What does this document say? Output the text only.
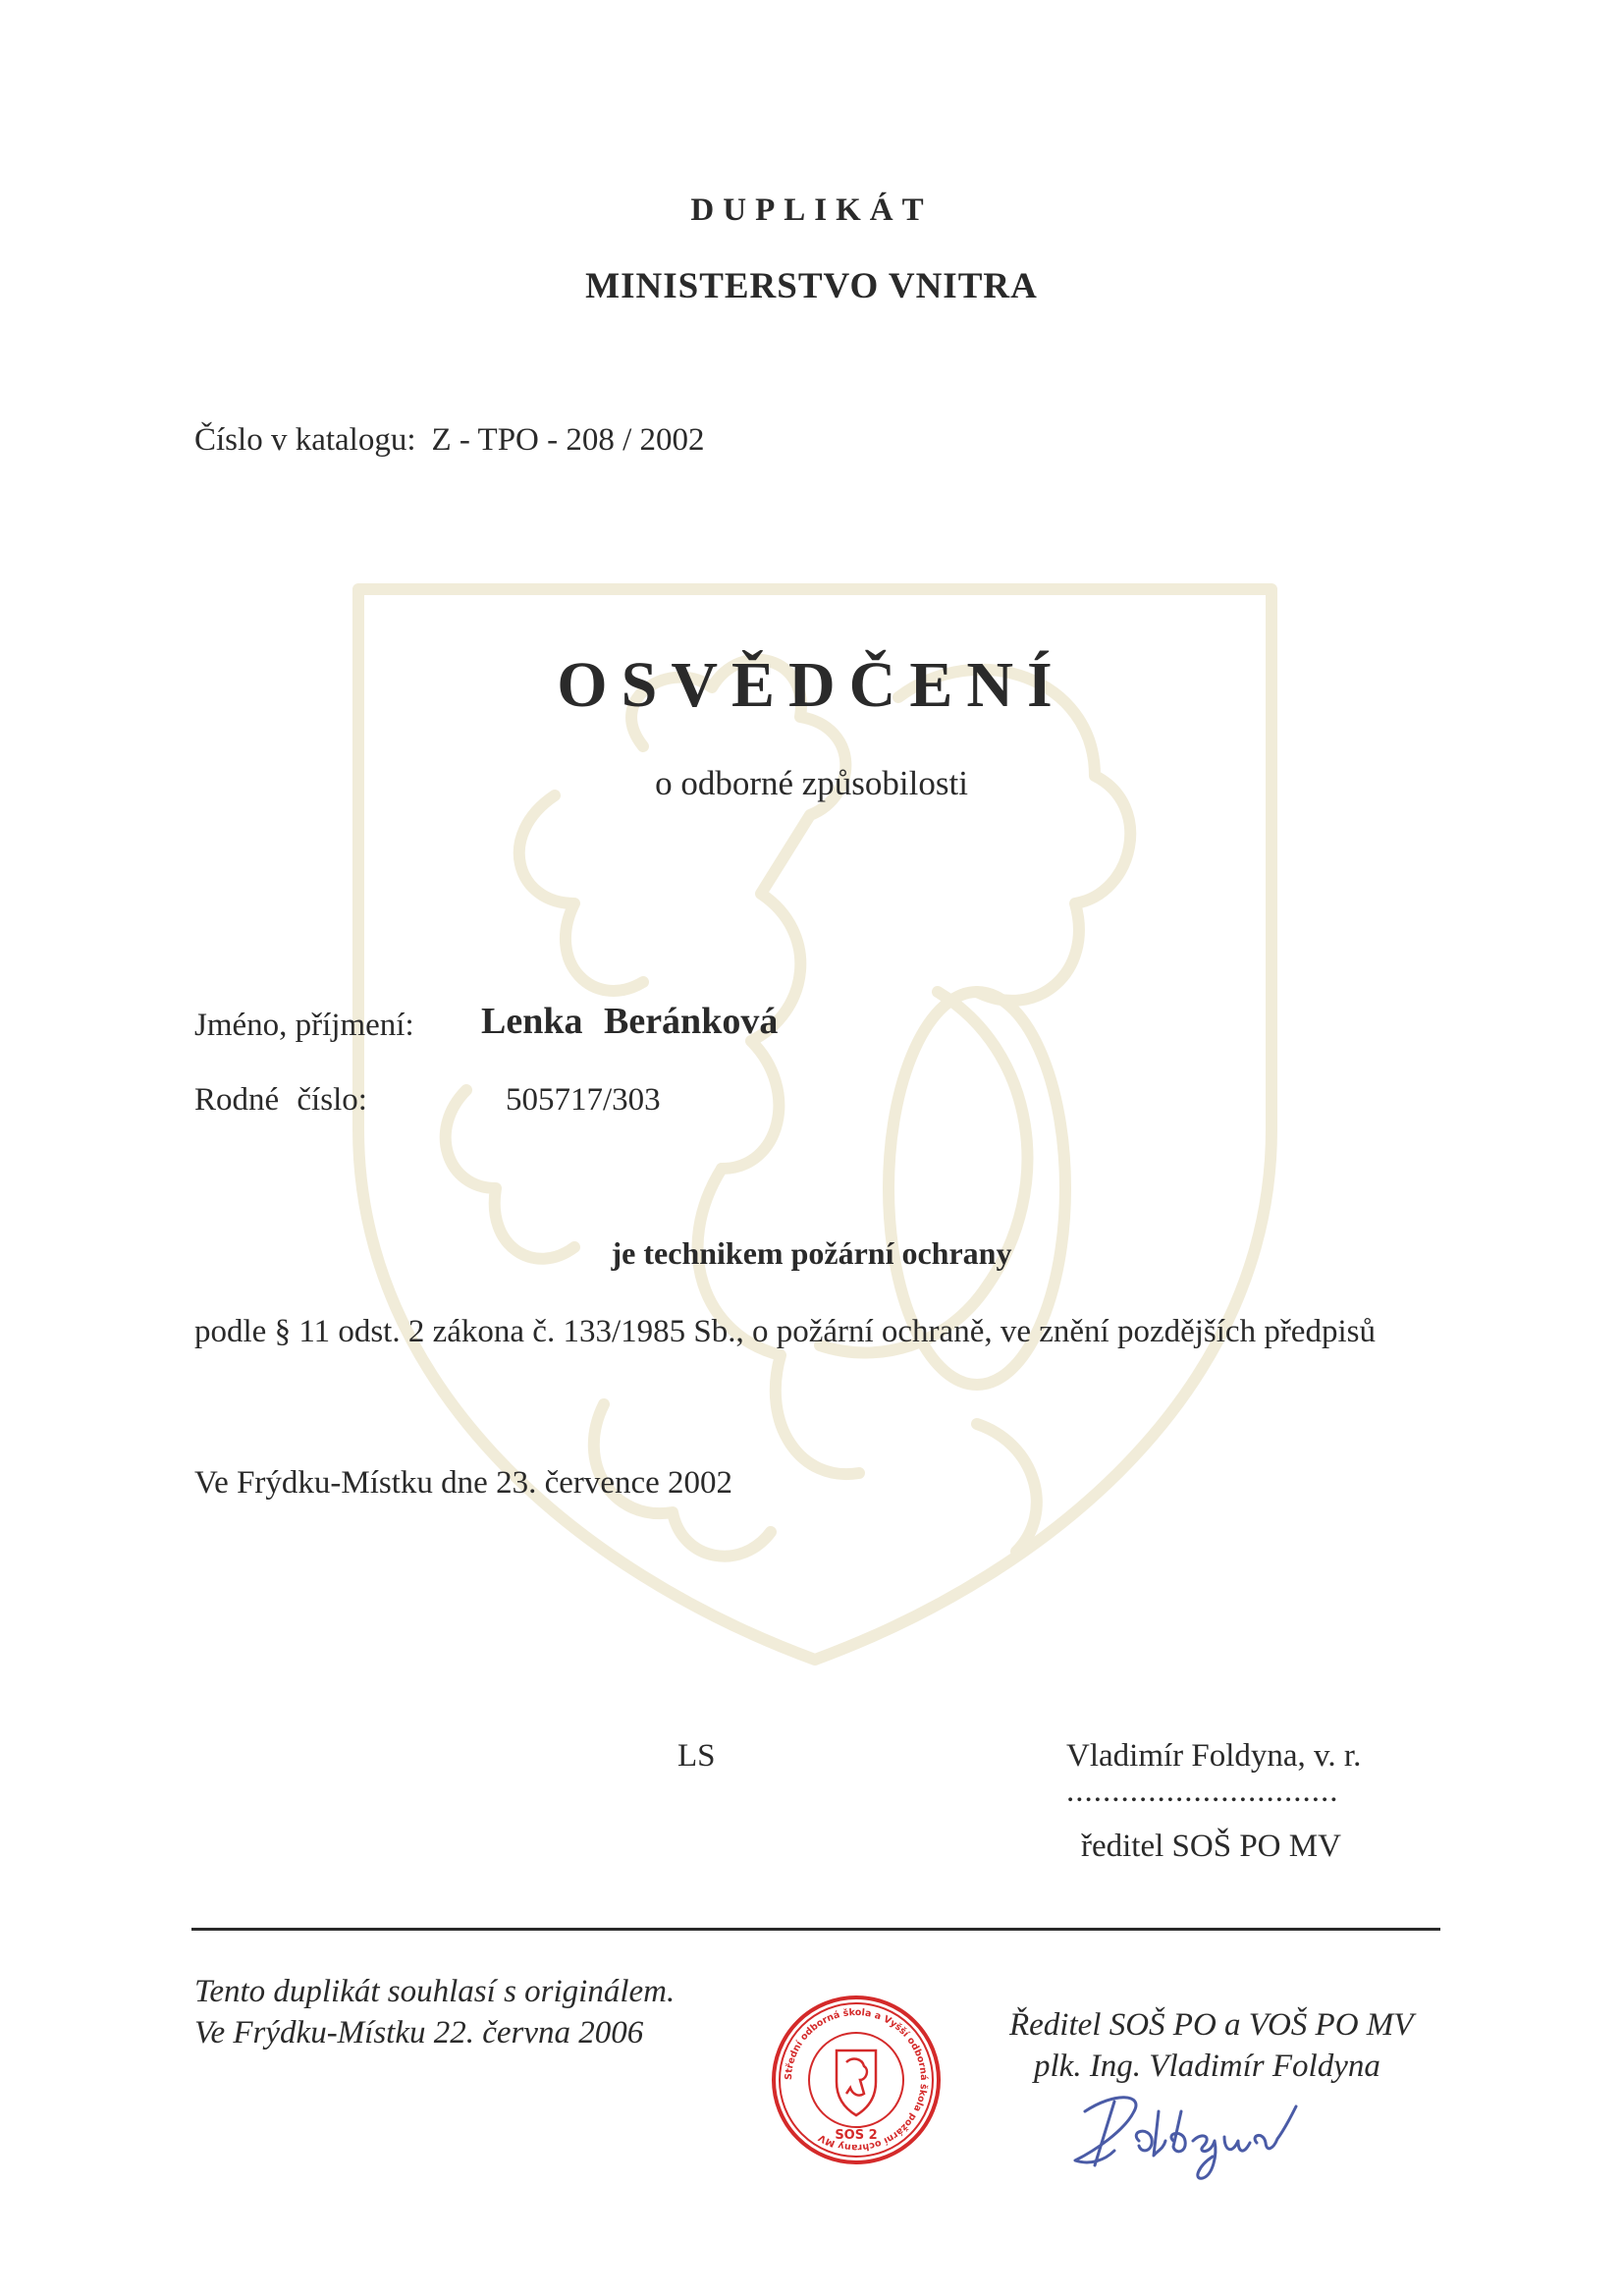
DUPLIKÁT
MINISTERSTVO VNITRA
Číslo v katalogu: Z - TPO - 208 / 2002
OSVĚDČENÍ
o odborné způsobilosti
Jméno, příjmení: Lenka Beránková
Rodné číslo:	505717/303
je technikem požární ochrany
podle § 11 odst. 2 zákona č. 133/1985 Sb., o požární ochraně, ve znění pozdějších předpisů
Ve Frýdku-Místku dne 23. července 2002
LS	Vladimír Foldyna, v. r.
..............................
ředitel SOŠ PO MV
Tento duplikát souhlasí s originálem.
Ve Frýdku-Místku 22. června 2006
Střední odborná škola a Vyšší odborná škola požární ochrany MV SOŠ 2
Ředitel SOŠ PO a VOŠ PO MV
plk. Ing. Vladimír Foldyna
